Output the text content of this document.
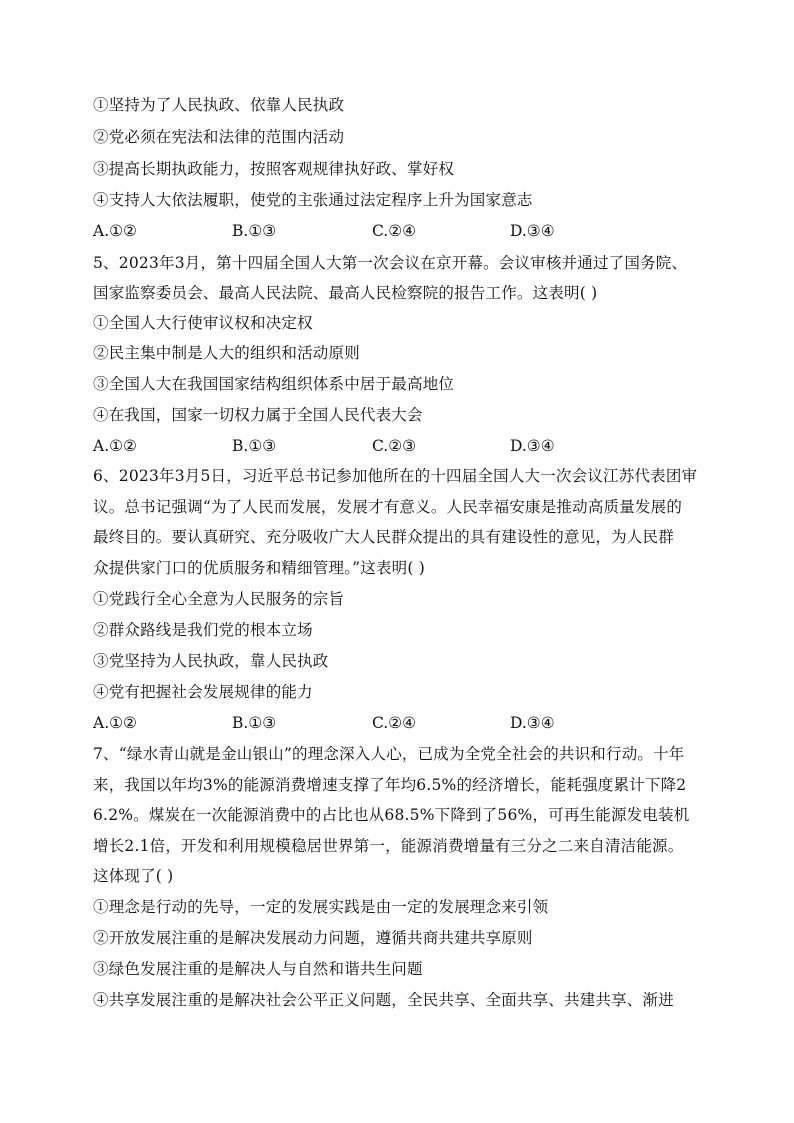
①坚持为了人民执政、依靠人民执政
②党必须在宪法和法律的范围内活动
③提高长期执政能力，按照客观规律执好政、掌好权
④支持人大依法履职，使党的主张通过法定程序上升为国家意志
A.①②	B.①③	C.②④	D.③④
5、2023年3月，第十四届全国人大第一次会议在京开幕。会议审核并通过了国务院、
国家监察委员会、最高人民法院、最高人民检察院的报告工作。这表明( )
①全国人大行使审议权和决定权
②民主集中制是人大的组织和活动原则
③全国人大在我国国家结构组织体系中居于最高地位
④在我国，国家一切权力属于全国人民代表大会
A.①②	B.①③	C.②③	D.③④
6、2023年3月5日，习近平总书记参加他所在的十四届全国人大一次会议江苏代表团审
议。总书记强调“为了人民而发展，发展才有意义。人民幸福安康是推动高质量发展的
最终目的。要认真研究、充分吸收广大人民群众提出的具有建设性的意见，为人民群
众提供家门口的优质服务和精细管理。”这表明( )
①党践行全心全意为人民服务的宗旨
②群众路线是我们党的根本立场
③党坚持为人民执政，靠人民执政
④党有把握社会发展规律的能力
A.①②	B.①③	C.②④	D.③④
7、“绿水青山就是金山银山”的理念深入人心，已成为全党全社会的共识和行动。十年
来，我国以年均3%的能源消费增速支撑了年均6.5%的经济增长，能耗强度累计下降2
6.2%。煤炭在一次能源消费中的占比也从68.5%下降到了56%，可再生能源发电装机
增长2.1倍，开发和利用规模稳居世界第一，能源消费增量有三分之二来自清洁能源。
这体现了( )
①理念是行动的先导，一定的发展实践是由一定的发展理念来引领
②开放发展注重的是解决发展动力问题，遵循共商共建共享原则
③绿色发展注重的是解决人与自然和谐共生问题
④共享发展注重的是解决社会公平正义问题，全民共享、全面共享、共建共享、渐进
